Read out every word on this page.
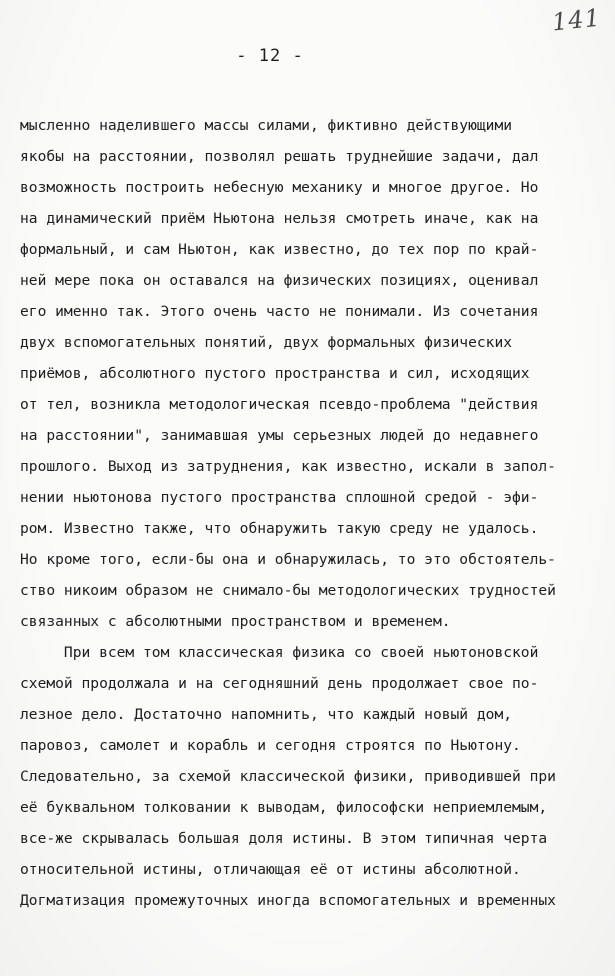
141
- 12 -
мысленно наделившего массы силами, фиктивно действующими
якобы на расстоянии, позволял решать труднейшие задачи, дал
возможность построить небесную механику и многое другое. Но
на динамический приём Ньютона нельзя смотреть иначе, как на
формальный, и сам Ньютон, как известно, до тех пор по край-
ней мере пока он оставался на физических позициях, оценивал
его именно так. Этого очень часто не понимали. Из сочетания
двух вспомогательных понятий, двух формальных физических
приёмов, абсолютного пустого пространства и сил, исходящих
от тел, возникла методологическая псевдо-проблема "действия
на расстоянии", занимавшая умы серьезных людей до недавнего
прошлого. Выход из затруднения, как известно, искали в запол-
нении ньютонова пустого пространства сплошной средой - эфи-
ром. Известно также, что обнаружить такую среду не удалось.
Но кроме того, если-бы она и обнаружилась, то это обстоятель-
ство никоим образом не снимало-бы методологических трудностей
связанных с абсолютными пространством и временем.
При всем том классическая физика со своей ньютоновской
схемой продолжала и на сегодняшний день продолжает свое по-
лезное дело. Достаточно напомнить, что каждый новый дом,
паровоз, самолет и корабль и сегодня строятся по Ньютону.
Следовательно, за схемой классической физики, приводившей при
её буквальном толковании к выводам, философски неприемлемым,
все-же скрывалась большая доля истины. В этом типичная черта
относительной истины, отличающая её от истины абсолютной.
Догматизация промежуточных иногда вспомогательных и временных
